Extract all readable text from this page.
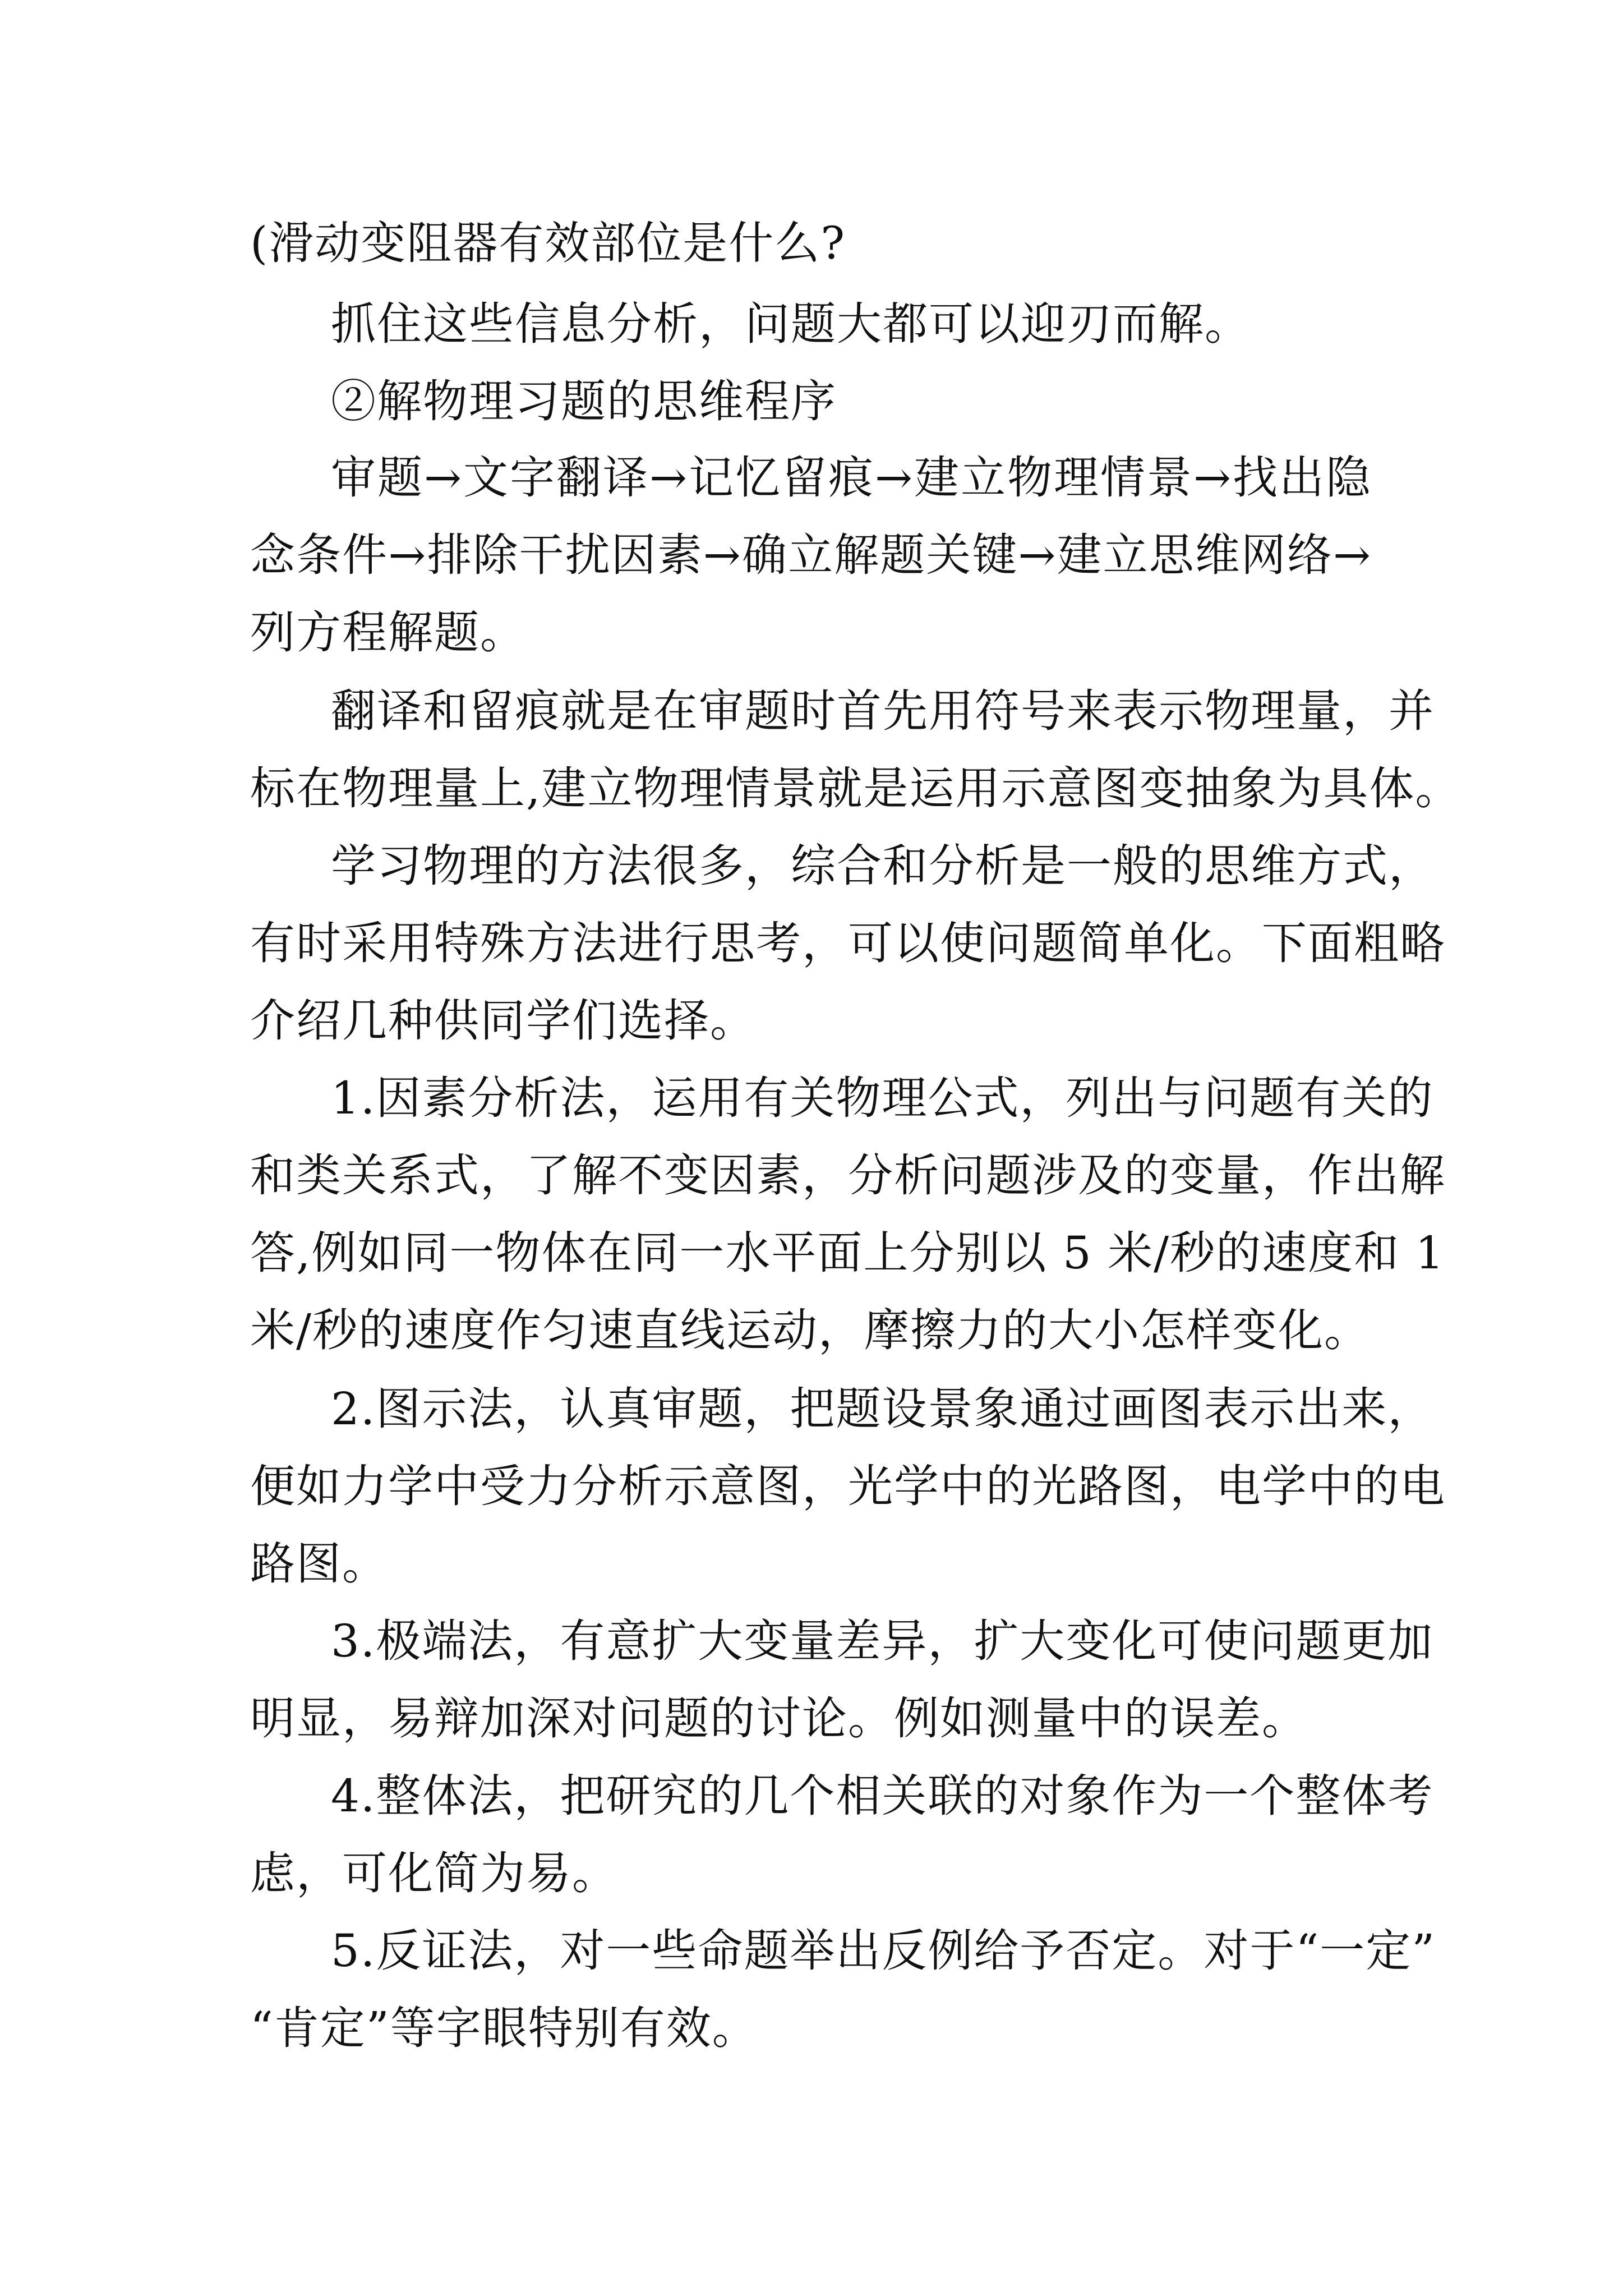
(滑动变阻器有效部位是什么?
抓住这些信息分析，问题大都可以迎刃而解。
②解物理习题的思维程序
审题→文字翻译→记忆留痕→建立物理情景→找出隐
念条件→排除干扰因素→确立解题关键→建立思维网络→
列方程解题。
翻译和留痕就是在审题时首先用符号来表示物理量，并
标在物理量上,建立物理情景就是运用示意图变抽象为具体。
学习物理的方法很多，综合和分析是一般的思维方式，
有时采用特殊方法进行思考，可以使问题简单化。下面粗略
介绍几种供同学们选择。
1.因素分析法，运用有关物理公式，列出与问题有关的
和类关系式，了解不变因素，分析问题涉及的变量，作出解
答,例如同一物体在同一水平面上分别以 5 米/秒的速度和 1
米/秒的速度作匀速直线运动，摩擦力的大小怎样变化。
2.图示法，认真审题，把题设景象通过画图表示出来，
便如力学中受力分析示意图，光学中的光路图，电学中的电
路图。
3.极端法，有意扩大变量差异，扩大变化可使问题更加
明显，易辩加深对问题的讨论。例如测量中的误差。
4.整体法，把研究的几个相关联的对象作为一个整体考
虑，可化简为易。
5.反证法，对一些命题举出反例给予否定。对于“一定”
“肯定”等字眼特别有效。
